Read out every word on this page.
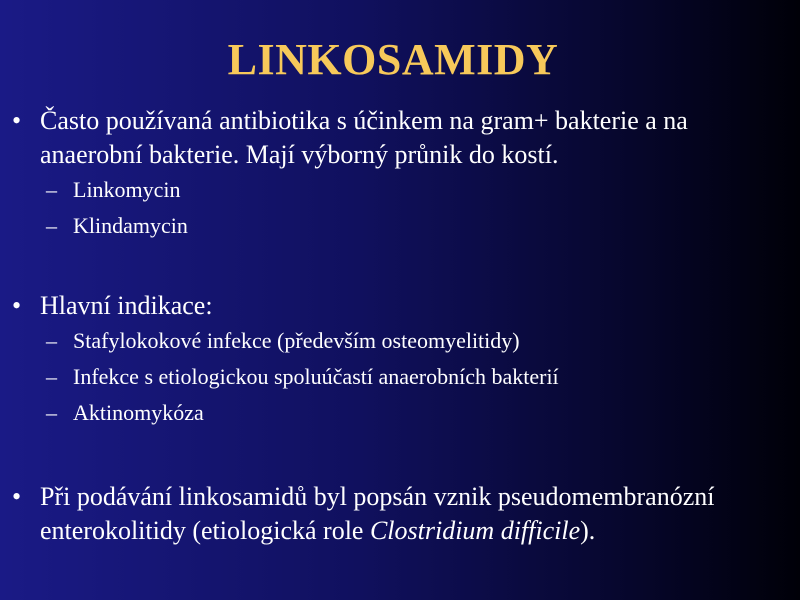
LINKOSAMIDY
• Často používaná antibiotika s účinkem na gram+ bakterie a na anaerobní bakterie. Mají výborný průnik do kostí.
– Linkomycin
– Klindamycin
• Hlavní indikace:
– Stafylokokové infekce (především osteomyelitidy)
– Infekce s etiologickou spoluúčastí anaerobních bakterií
– Aktinomykóza
• Při podávání linkosamidů byl popsán vznik pseudomembranózní enterokolitidy (etiologická role Clostridium difficile).
